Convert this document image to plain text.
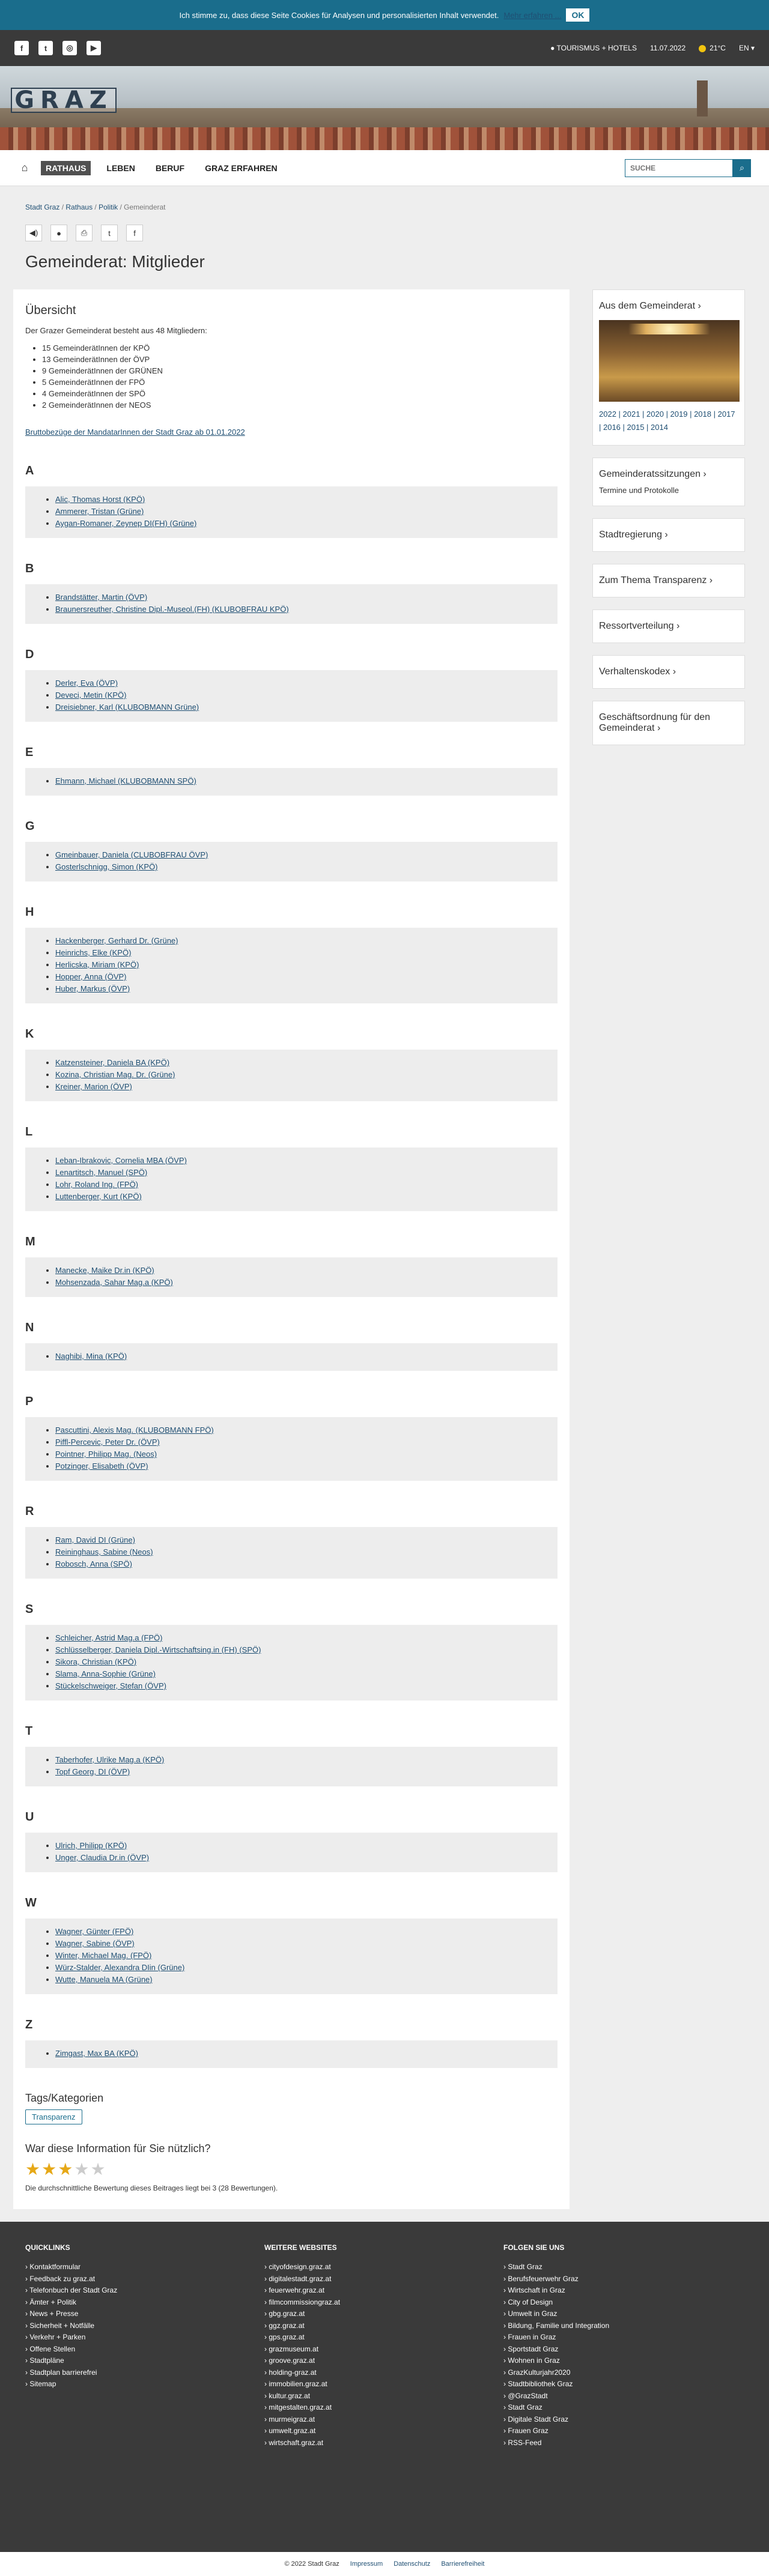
Ich stimme zu, dass diese Seite Cookies für Analysen und personalisierten Inhalt verwendet. Mehr erfahren ...	OK
f	t	◎	▶	● TOURISMUS + HOTELS 11.07.2022	21°C EN ▾
GRAZ
⌂	RATHAUS	LEBEN	BERUF	GRAZ ERFAHREN
SUCHE	⌕
Stadt Graz / Rathaus / Politik / Gemeinderat
◀)	●	⎙	t	f
Gemeinderat: Mitglieder
Übersicht

Der Grazer Gemeinderat besteht aus 48 Mitgliedern:

• 15 GemeinderätInnen der KPÖ
• 13 GemeinderätInnen der ÖVP
• 9 GemeinderätInnen der GRÜNEN
• 5 GemeinderätInnen der FPÖ
• 4 GemeinderätInnen der SPÖ
• 2 GemeinderätInnen der NEOS
Bruttobezüge der MandatarInnen der Stadt Graz ab 01.01.2022
A
• Alic, Thomas Horst (KPÖ)
• Ammerer, Tristan (Grüne)
• Aygan-Romaner, Zeynep DI(FH) (Grüne)
B
• Brandstätter, Martin (ÖVP)
• Braunersreuther, Christine Dipl.-Museol.(FH) (KLUBOBFRAU KPÖ)
D
• Derler, Eva (ÖVP)
• Deveci, Metin (KPÖ)
• Dreisiebner, Karl (KLUBOBMANN Grüne)
E
• Ehmann, Michael (KLUBOBMANN SPÖ)
G
• Gmeinbauer, Daniela (CLUBOBFRAU ÖVP)
• Gosterlschnigg, Simon (KPÖ)
H
• Hackenberger, Gerhard Dr. (Grüne)
• Heinrichs, Elke (KPÖ)
• Herlicska, Miriam (KPÖ)
• Hopper, Anna (ÖVP)
• Huber, Markus (ÖVP)
K
• Katzensteiner, Daniela BA (KPÖ)
• Kozina, Christian Mag. Dr. (Grüne)
• Kreiner, Marion (ÖVP)
L
• Leban-Ibrakovic, Cornelia MBA (ÖVP)
• Lenartitsch, Manuel (SPÖ)
• Lohr, Roland Ing. (FPÖ)
• Luttenberger, Kurt (KPÖ)
M
• Manecke, Maike Dr.in (KPÖ)
• Mohsenzada, Sahar Mag.a (KPÖ)
N
• Naghibi, Mina (KPÖ)
P
• Pascuttini, Alexis Mag. (KLUBOBMANN FPÖ)
• Piffl-Percevic, Peter Dr. (ÖVP)
• Pointner, Philipp Mag. (Neos)
• Potzinger, Elisabeth (ÖVP)
R
• Ram, David DI (Grüne)
• Reininghaus, Sabine (Neos)
• Robosch, Anna (SPÖ)
S
• Schleicher, Astrid Mag.a (FPÖ)
• Schlüsselberger, Daniela Dipl.-Wirtschaftsing.in (FH) (SPÖ)
• Sikora, Christian (KPÖ)
• Slama, Anna-Sophie (Grüne)
• Stückelschweiger, Stefan (ÖVP)
T
• Taberhofer, Ulrike Mag.a (KPÖ)
• Topf Georg, DI (ÖVP)
U
• Ulrich, Philipp (KPÖ)
• Unger, Claudia Dr.in (ÖVP)
W
• Wagner, Günter (FPÖ)
• Wagner, Sabine (ÖVP)
• Winter, Michael Mag. (FPÖ)
• Würz-Stalder, Alexandra DIin (Grüne)
• Wutte, Manuela MA (Grüne)
Z
• Zimgast, Max BA (KPÖ)
Tags/Kategorien
Transparenz
War diese Information für Sie nützlich?
★ ★ ★ ★ ★

Die durchschnittliche Bewertung dieses Beitrages liegt bei 3 (28 Bewertungen).

Aus dem Gemeinderat ›
2022 | 2021 | 2020 | 2019 | 2018 | 2017 | 2016 | 2015 | 2014
Gemeinderatssitzungen ›
Termine und Protokolle
Stadtregierung ›
Zum Thema Transparenz ›
Ressortverteilung ›
Verhaltenskodex ›
Geschäftsordnung für den Gemeinderat ›
QUICKLINKS
› Kontaktformular
› Feedback zu graz.at
› Telefonbuch der Stadt Graz
› Ämter + Politik
› News + Presse
› Sicherheit + Notfälle
› Verkehr + Parken
› Offene Stellen
› Stadtpläne
› Stadtplan barrierefrei
› Sitemap
WEITERE WEBSITES
› cityofdesign.graz.at
› digitalestadt.graz.at
› feuerwehr.graz.at
› filmcommissiongraz.at
› gbg.graz.at
› ggz.graz.at
› gps.graz.at
› grazmuseum.at
› groove.graz.at
› holding-graz.at
› immobilien.graz.at
› kultur.graz.at
› mitgestalten.graz.at
› murmeigraz.at
› umwelt.graz.at
› wirtschaft.graz.at
FOLGEN SIE UNS
› Stadt Graz
› Berufsfeuerwehr Graz
› Wirtschaft in Graz
› City of Design
› Umwelt in Graz
› Bildung, Familie und Integration
› Frauen in Graz
› Sportstadt Graz
› Wohnen in Graz
› GrazKulturjahr2020
› Stadtbibliothek Graz
› @GrazStadt
› Stadt Graz
› Digitale Stadt Graz
› Frauen Graz
› RSS-Feed
© 2022 Stadt Graz Impressum Datenschutz Barrierefreiheit
